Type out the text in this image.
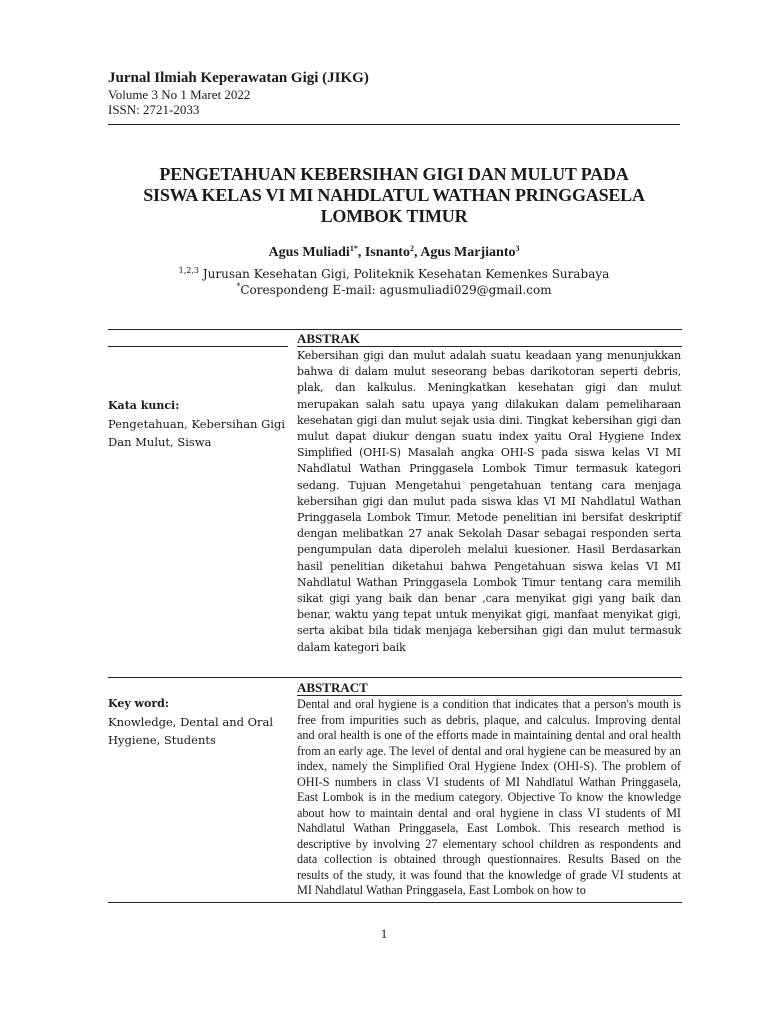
Jurnal Ilmiah Keperawatan Gigi (JIKG)
Volume 3 No 1 Maret 2022
ISSN: 2721-2033
PENGETAHUAN KEBERSIHAN GIGI DAN MULUT PADA
SISWA KELAS VI MI NAHDLATUL WATHAN PRINGGASELA
LOMBOK TIMUR
Agus Muliadi$^{1*}$, Isnanto$^2$, Agus Marjianto$^3$
$^{1,2,3}$ Jurusan Kesehatan Gigi, Politeknik Kesehatan Kemenkes Surabaya
*Corespondeng E-mail: agusmuliadi029@gmail.com
ABSTRAK
Kata kunci:
Pengetahuan, Kebersihan Gigi Dan Mulut, Siswa
Kebersihan gigi dan mulut adalah suatu keadaan yang menunjukkan bahwa di dalam mulut seseorang bebas darikotoran seperti debris, plak, dan kalkulus. Meningkatkan kesehatan gigi dan mulut merupakan salah satu upaya yang dilakukan dalam pemeliharaan kesehatan gigi dan mulut sejak usia dini. Tingkat kebersihan gigi dan mulut dapat diukur dengan suatu index yaitu Oral Hygiene Index Simplified (OHI-S) Masalah angka OHI-S pada siswa kelas VI MI Nahdlatul Wathan Pringgasela Lombok Timur termasuk kategori sedang. Tujuan Mengetahui pengetahuan tentang cara menjaga kebersihan gigi dan mulut pada siswa klas VI MI Nahdlatul Wathan Pringgasela Lombok Timur. Metode penelitian ini bersifat deskriptif dengan melibatkan 27 anak Sekolah Dasar sebagai responden serta pengumpulan data diperoleh melalui kuesioner. Hasil Berdasarkan hasil penelitian diketahui bahwa Pengetahuan siswa kelas VI MI Nahdlatul Wathan Pringgasela Lombok Timur tentang cara memilih sikat gigi yang baik dan benar ,cara menyikat gigi yang baik dan benar, waktu yang tepat untuk menyikat gigi, manfaat menyikat gigi, serta akibat bila tidak menjaga kebersihan gigi dan mulut termasuk dalam kategori baik
ABSTRACT
Key word:
Knowledge, Dental and Oral Hygiene, Students
Dental and oral hygiene is a condition that indicates that a person's mouth is free from impurities such as debris, plaque, and calculus. Improving dental and oral health is one of the efforts made in maintaining dental and oral health from an early age. The level of dental and oral hygiene can be measured by an index, namely the Simplified Oral Hygiene Index (OHI-S). The problem of OHI-S numbers in class VI students of MI Nahdlatul Wathan Pringgasela, East Lombok is in the medium category. Objective To know the knowledge about how to maintain dental and oral hygiene in class VI students of MI Nahdlatul Wathan Pringgasela, East Lombok. This research method is descriptive by involving 27 elementary school children as respondents and data collection is obtained through questionnaires. Results Based on the results of the study, it was found that the knowledge of grade VI students at MI Nahdlatul Wathan Pringgasela, East Lombok on how to
1
